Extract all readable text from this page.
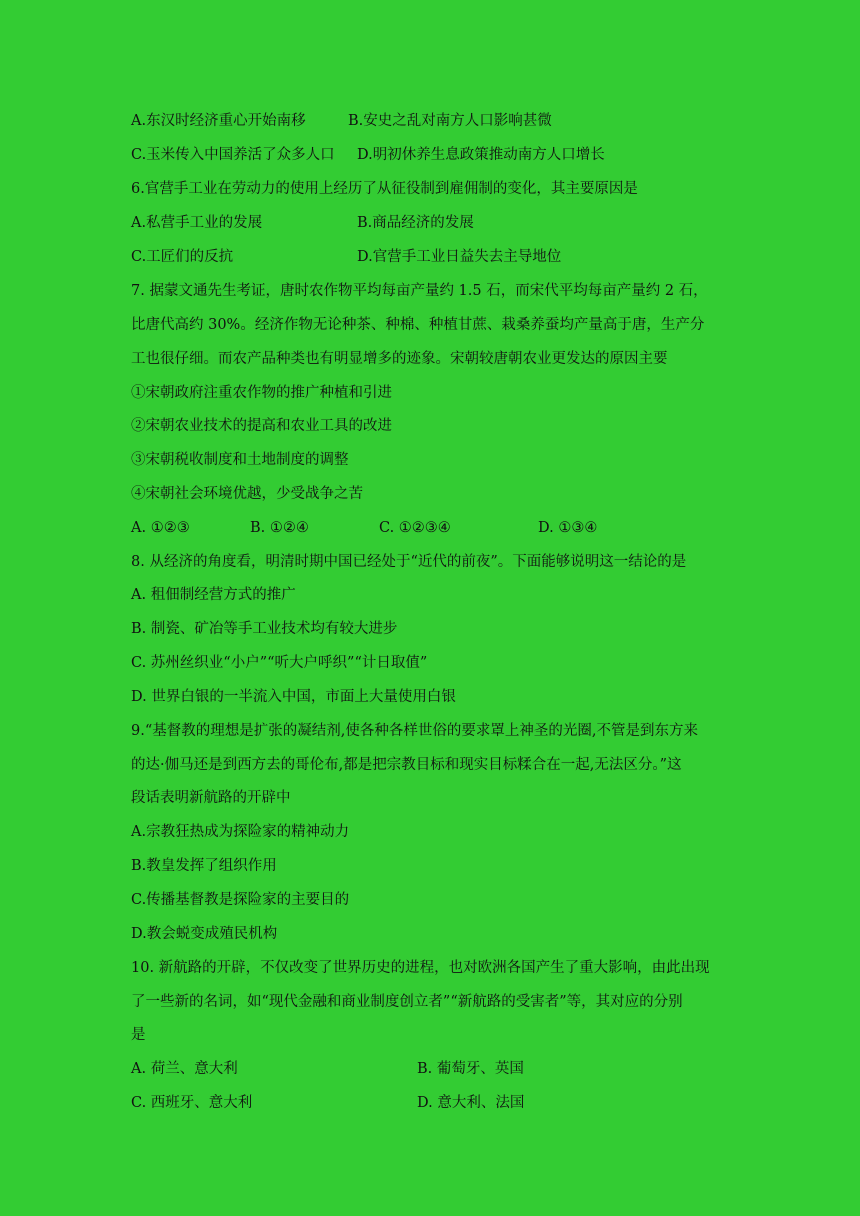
A.东汉时经济重心开始南移	B.安史之乱对南方人口影响甚微
C.玉米传入中国养活了众多人口 D.明初休养生息政策推动南方人口增长
6.官营手工业在劳动力的使用上经历了从征役制到雇佣制的变化，其主要原因是
A.私营手工业的发展	B.商品经济的发展
C.工匠们的反抗	D.官营手工业日益失去主导地位
7. 据蒙文通先生考证，唐时农作物平均每亩产量约 1.5 石，而宋代平均每亩产量约 2 石，
比唐代高约 30%。经济作物无论种茶、种棉、种植甘蔗、栽桑养蚕均产量高于唐，生产分
工也很仔细。而农产品种类也有明显增多的迹象。宋朝较唐朝农业更发达的原因主要
①宋朝政府注重农作物的推广种植和引进
②宋朝农业技术的提高和农业工具的改进
③宋朝税收制度和土地制度的调整
④宋朝社会环境优越，少受战争之苦
A. ①②③	B. ①②④	C. ①②③④	D. ①③④
8. 从经济的角度看，明清时期中国已经处于“近代的前夜”。下面能够说明这一结论的是
A. 租佃制经营方式的推广
B. 制瓷、矿冶等手工业技术均有较大进步
C. 苏州丝织业“小户”“听大户呼织”“计日取值”
D. 世界白银的一半流入中国，市面上大量使用白银
9.“基督教的理想是扩张的凝结剂,使各种各样世俗的要求罩上神圣的光圈,不管是到东方来
的达·伽马还是到西方去的哥伦布,都是把宗教目标和现实目标糅合在一起,无法区分。”这
段话表明新航路的开辟中
A.宗教狂热成为探险家的精神动力
B.教皇发挥了组织作用
C.传播基督教是探险家的主要目的
D.教会蜕变成殖民机构
10. 新航路的开辟，不仅改变了世界历史的进程，也对欧洲各国产生了重大影响，由此出现
了一些新的名词，如“现代金融和商业制度创立者”“新航路的受害者”等，其对应的分别
是
A. 荷兰、意大利	B. 葡萄牙、英国
C. 西班牙、意大利	D. 意大利、法国
